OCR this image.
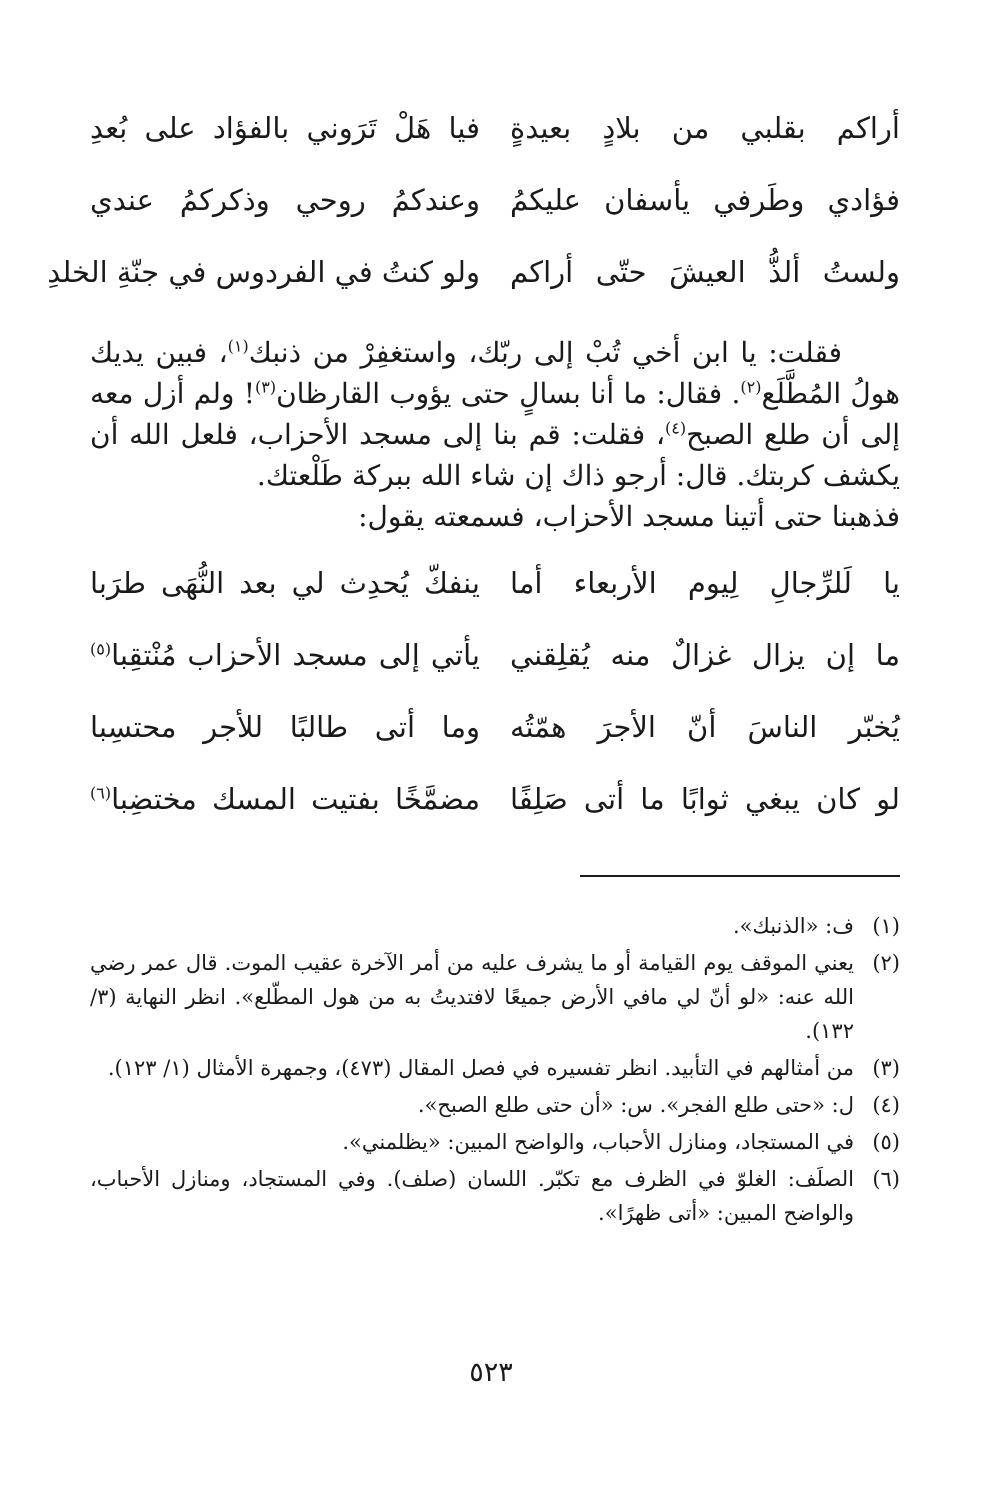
أراكم بقلبي من بلادٍ بعيدةٍ
فيا هَلْ تَرَوني بالفؤاد على بُعدِ
فؤادي وطَرفي يأسفان عليكمُ
وعندكمُ روحي وذكركمُ عندي
ولستُ ألذُّ العيشَ حتّى أراكم
ولو كنتُ في الفردوس في جنّةِ الخلدِ

فقلت: يا ابن أخي تُبْ إلى ربّك، واستغفِرْ من ذنبك$^{(١)}$، فبين يديك هولُ المُطَّلَع$^{(٢)}$. فقال: ما أنا بسالٍ حتى يؤوب القارظان$^{(٣)}$! ولم أزل معه إلى أن طلع الصبح$^{(٤)}$، فقلت: قم بنا إلى مسجد الأحزاب، فلعل الله أن يكشف كربتك. قال: أرجو ذاك إن شاء الله ببركة طَلْعتك.
فذهبنا حتى أتينا مسجد الأحزاب، فسمعته يقول:

يا لَلرِّجالِ لِيوم الأربعاء أما
ينفكّ يُحدِث لي بعد النُّهَى طرَبا
ما إن يزال غزالٌ منه يُقلِقني
يأتي إلى مسجد الأحزاب مُنْتقِبا$^{(٥)}$
يُخبّر الناسَ أنّ الأجرَ همّتُه
وما أتى طالبًا للأجر محتسِبا
لو كان يبغي ثوابًا ما أتى صَلِفًا
مضمَّخًا بفتيت المسك مختضِبا$^{(٦)}$
(١)
ف: «الذنبك».
(٢)
يعني الموقف يوم القيامة أو ما يشرف عليه من أمر الآخرة عقيب الموت. قال عمر رضي الله عنه: «لو أنّ لي مافي الأرض جميعًا لافتديتُ به من هول المطّلع». انظر النهاية (٣/ ١٣٢).
(٣)
من أمثالهم في التأبيد. انظر تفسيره في فصل المقال (٤٧٣)، وجمهرة الأمثال (١/ ١٢٣).
(٤)
ل: «حتى طلع الفجر». س: «أن حتى طلع الصبح».
(٥)
في المستجاد، ومنازل الأحباب، والواضح المبين: «يظلمني».
(٦)
الصلَف: الغلوّ في الظرف مع تكبّر. اللسان (صلف). وفي المستجاد، ومنازل الأحباب، والواضح المبين: «أتى ظهرًا».
٥٢٣
